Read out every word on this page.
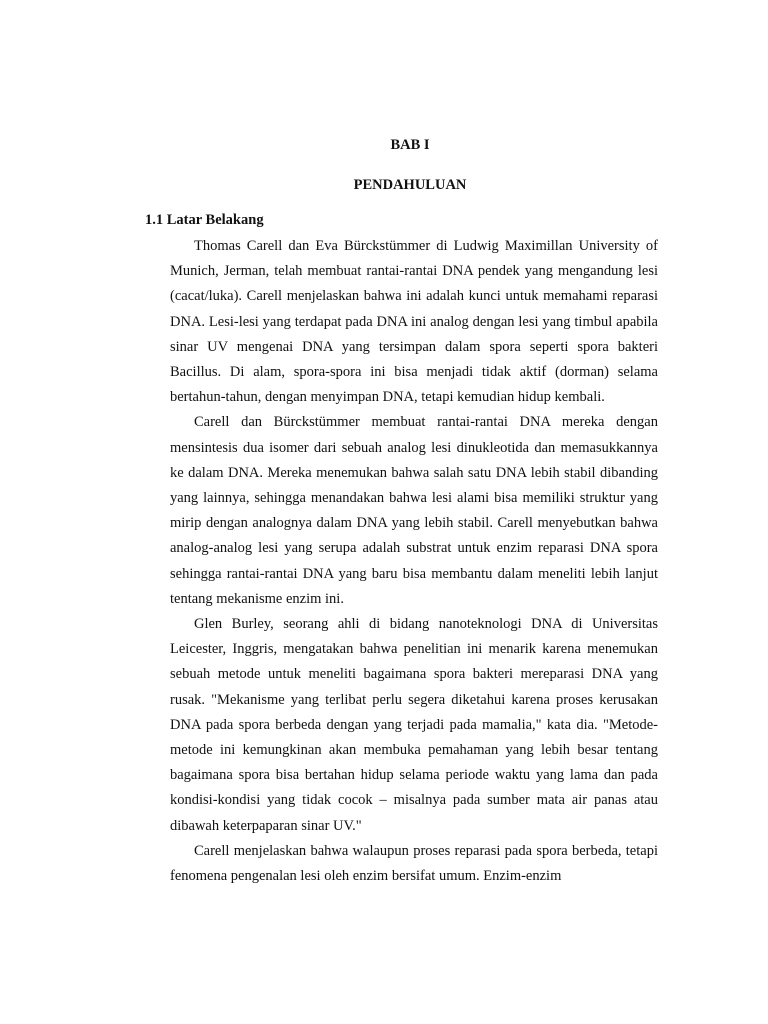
BAB I
PENDAHULUAN
1.1 Latar Belakang

Thomas Carell dan Eva Bürckstümmer di Ludwig Maximillan University of Munich, Jerman, telah membuat rantai-rantai DNA pendek yang mengandung lesi (cacat/luka). Carell menjelaskan bahwa ini adalah kunci untuk memahami reparasi DNA. Lesi-lesi yang terdapat pada DNA ini analog dengan lesi yang timbul apabila sinar UV mengenai DNA yang tersimpan dalam spora seperti spora bakteri Bacillus. Di alam, spora-spora ini bisa menjadi tidak aktif (dorman) selama bertahun-tahun, dengan menyimpan DNA, tetapi kemudian hidup kembali.

Carell dan Bürckstümmer membuat rantai-rantai DNA mereka dengan mensintesis dua isomer dari sebuah analog lesi dinukleotida dan memasukkannya ke dalam DNA. Mereka menemukan bahwa salah satu DNA lebih stabil dibanding yang lainnya, sehingga menandakan bahwa lesi alami bisa memiliki struktur yang mirip dengan analognya dalam DNA yang lebih stabil. Carell menyebutkan bahwa analog-analog lesi yang serupa adalah substrat untuk enzim reparasi DNA spora sehingga rantai-rantai DNA yang baru bisa membantu dalam meneliti lebih lanjut tentang mekanisme enzim ini.

Glen Burley, seorang ahli di bidang nanoteknologi DNA di Universitas Leicester, Inggris, mengatakan bahwa penelitian ini menarik karena menemukan sebuah metode untuk meneliti bagaimana spora bakteri mereparasi DNA yang rusak. "Mekanisme yang terlibat perlu segera diketahui karena proses kerusakan DNA pada spora berbeda dengan yang terjadi pada mamalia," kata dia. "Metode-metode ini kemungkinan akan membuka pemahaman yang lebih besar tentang bagaimana spora bisa bertahan hidup selama periode waktu yang lama dan pada kondisi-kondisi yang tidak cocok – misalnya pada sumber mata air panas atau dibawah keterpaparan sinar UV."

Carell menjelaskan bahwa walaupun proses reparasi pada spora berbeda, tetapi fenomena pengenalan lesi oleh enzim bersifat umum. Enzim-enzim
